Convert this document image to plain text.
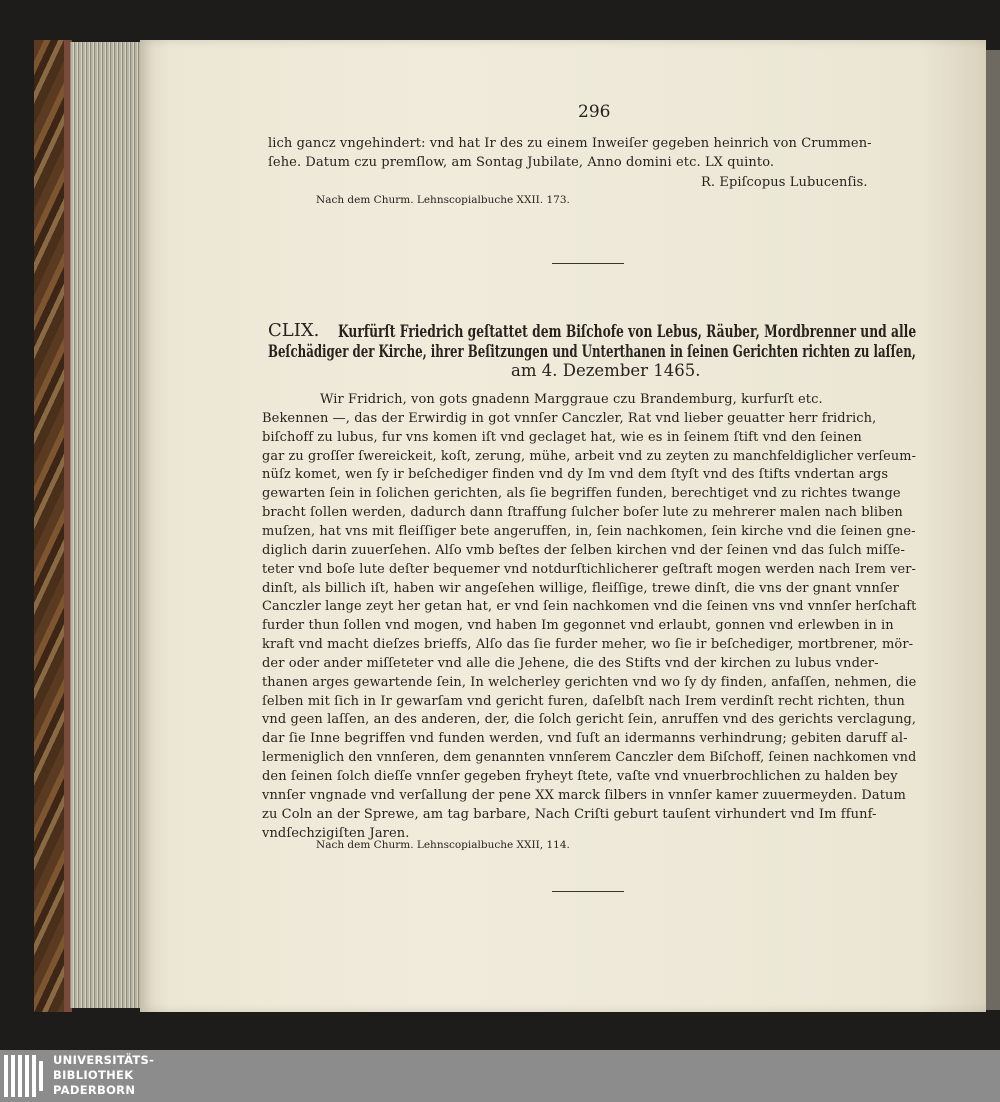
296
lich gancz vngehindert: vnd hat Ir des zu einem Inweiſer gegeben heinrich von Crummen-
ſehe. Datum czu premſlow, am Sontag Jubilate, Anno domini etc. LX quinto.
R. Epiſcopus Lubucenſis.
Nach dem Churm. Lehnscopialbuche XXII. 173.
CLIX. Kurfürſt Friedrich geſtattet dem Biſchofe von Lebus, Räuber, Mordbrenner und alle
Beſchädiger der Kirche, ihrer Beſitzungen und Unterthanen in ſeinen Gerichten richten zu laſſen,
am 4. Dezember 1465.
Wir Fridrich, von gots gnadenn Marggraue czu Brandemburg, kurfurſt etc.
Bekennen —, das der Erwirdig in got vnnſer Canczler, Rat vnd lieber geuatter herr fridrich,
biſchoff zu lubus, fur vns komen iſt vnd geclaget hat, wie es in ſeinem ſtift vnd den ſeinen
gar zu groſſer ſwereickeit, koſt, zerung, mühe, arbeit vnd zu zeyten zu manchfeldiglicher verſeum-
nüſz komet, wen ſy ir beſchediger finden vnd dy Im vnd dem ſtyſt vnd des ſtifts vndertan args
gewarten ſein in ſolichen gerichten, als ſie begriffen funden, berechtiget vnd zu richtes twange
bracht ſollen werden, dadurch dann ſtraffung ſulcher boſer lute zu mehrerer malen nach bliben
muſzen, hat vns mit fleiſſiger bete angeruffen, in, ſein nachkomen, ſein kirche vnd die ſeinen gne-
diglich darin zuuerſehen. Alſo vmb beſtes der ſelben kirchen vnd der ſeinen vnd das ſulch miſſe-
teter vnd boſe lute deſter bequemer vnd notdurſtichlicherer geſtraft mogen werden nach Irem ver-
dinſt, als billich iſt, haben wir angeſehen willige, fleiſſige, trewe dinſt, die vns der gnant vnnſer
Canczler lange zeyt her getan hat, er vnd ſein nachkomen vnd die ſeinen vns vnd vnnſer herſchaft
furder thun ſollen vnd mogen, vnd haben Im gegonnet vnd erlaubt, gonnen vnd erlewben in in
kraft vnd macht dieſzes brieffs, Alſo das ſie furder meher, wo ſie ir beſchediger, mortbrener, mör-
der oder ander miſſeteter vnd alle die Jehene, die des Stifts vnd der kirchen zu lubus vnder-
thanen arges gewartende ſein, In welcherley gerichten vnd wo ſy dy finden, anfaſſen, nehmen, die
ſelben mit ſich in Ir gewarſam vnd gericht furen, daſelbſt nach Irem verdinſt recht richten, thun
vnd geen laſſen, an des anderen, der, die ſolch gericht ſein, anruffen vnd des gerichts verclagung,
dar ſie Inne begriffen vnd funden werden, vnd ſuſt an idermanns verhindrung; gebiten daruff al-
lermeniglich den vnnſeren, dem genannten vnnſerem Canczler dem Biſchoff, ſeinen nachkomen vnd
den ſeinen ſolch dieſſe vnnſer gegeben fryheyt ſtete, vaſte vnd vnuerbrochlichen zu halden bey
vnnſer vngnade vnd verſallung der pene XX marck ſilbers in vnnſer kamer zuuermeyden. Datum
zu Coln an der Sprewe, am tag barbare, Nach Criſti geburt tauſent virhundert vnd Im ffunf-
vndſechzigiſten Jaren.
Nach dem Churm. Lehnscopialbuche XXII, 114.
UNIVERSITÄTS-
BIBLIOTHEK
PADERBORN
